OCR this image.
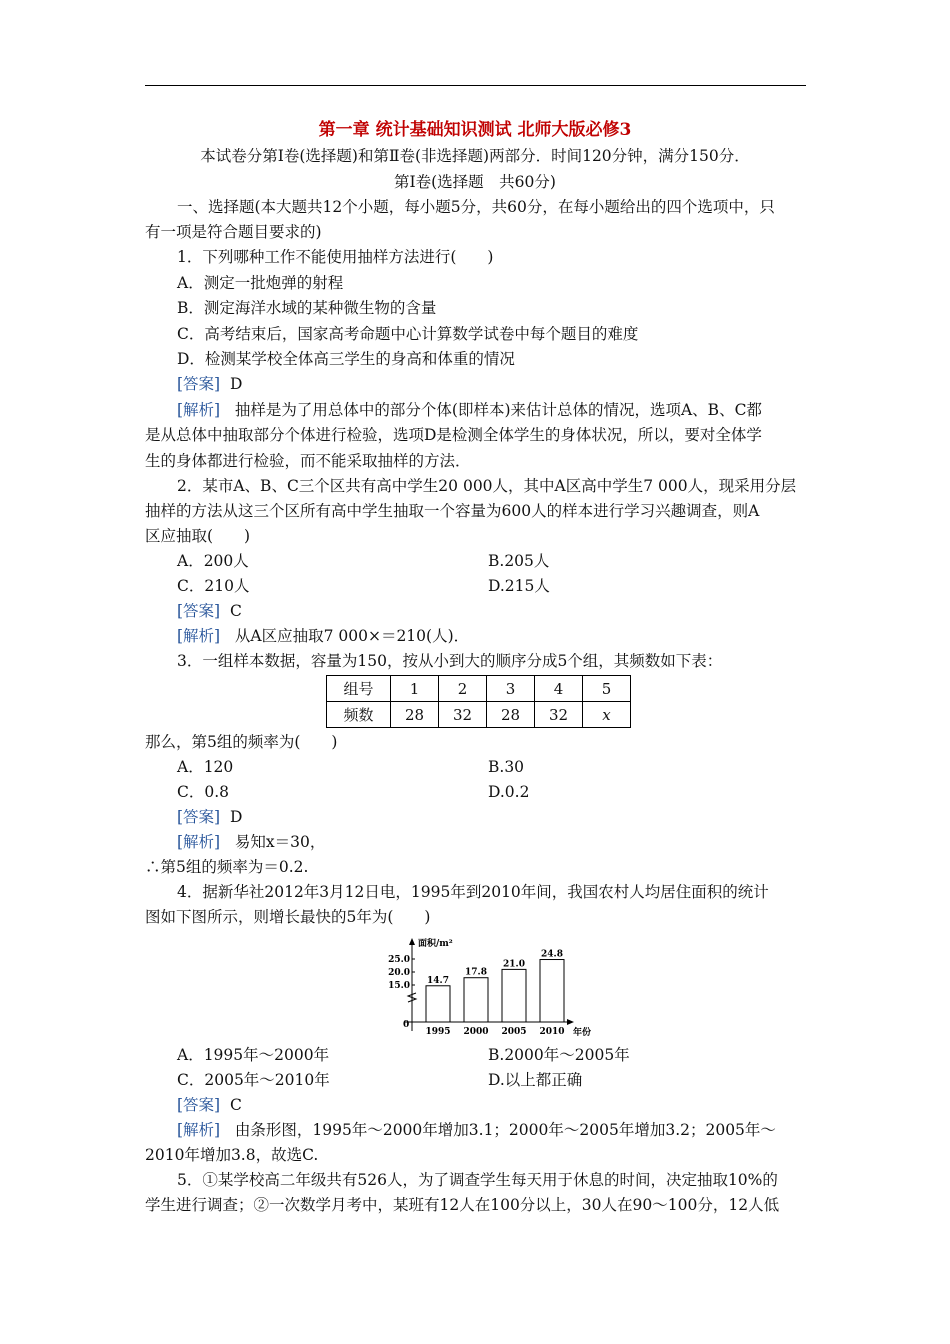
第一章 统计基础知识测试 北师大版必修3
本试卷分第Ⅰ卷(选择题)和第Ⅱ卷(非选择题)两部分．时间120分钟，满分150分．
第Ⅰ卷(选择题　共60分)
一、选择题(本大题共12个小题，每小题5分，共60分，在每小题给出的四个选项中，只
有一项是符合题目要求的)
1．下列哪种工作不能使用抽样方法进行(　　)
A．测定一批炮弹的射程
B．测定海洋水域的某种微生物的含量
C．高考结束后，国家高考命题中心计算数学试卷中每个题目的难度
D．检测某学校全体高三学生的身高和体重的情况
[答案] D
[解析] 抽样是为了用总体中的部分个体(即样本)来估计总体的情况，选项A、B、C都
是从总体中抽取部分个体进行检验，选项D是检测全体学生的身体状况，所以，要对全体学
生的身体都进行检验，而不能采取抽样的方法．
2．某市A、B、C三个区共有高中学生20 000人，其中A区高中学生7 000人，现采用分层
抽样的方法从这三个区所有高中学生抽取一个容量为600人的样本进行学习兴趣调查，则A
区应抽取(　　)
A．200人	B.205人
C．210人	D.215人
[答案] C
[解析] 从A区应抽取7 000×＝210(人)．
3．一组样本数据，容量为150，按从小到大的顺序分成5个组，其频数如下表：
组号	1	2	3	4	5
频数	28	32	28	32	x
那么，第5组的频率为(　　)
A．120	B.30
C．0.8	D.0.2
[答案] D
[解析] 易知x＝30，
∴第5组的频率为＝0.2.
4．据新华社2012年3月12日电，1995年到2010年间，我国农村人均居住面积的统计
图如下图所示，则增长最快的5年为(　　)
面积/m²
0
年份
25.0
20.0
15.0
14.7
1995
17.8
2000
21.0
2005
24.8
2010
A．1995年～2000年	B.2000年～2005年
C．2005年～2010年	D.以上都正确
[答案] C
[解析] 由条形图，1995年～2000年增加3.1；2000年～2005年增加3.2；2005年～
2010年增加3.8，故选C.
5．①某学校高二年级共有526人，为了调查学生每天用于休息的时间，决定抽取10%的
学生进行调查；②一次数学月考中，某班有12人在100分以上，30人在90～100分，12人低
